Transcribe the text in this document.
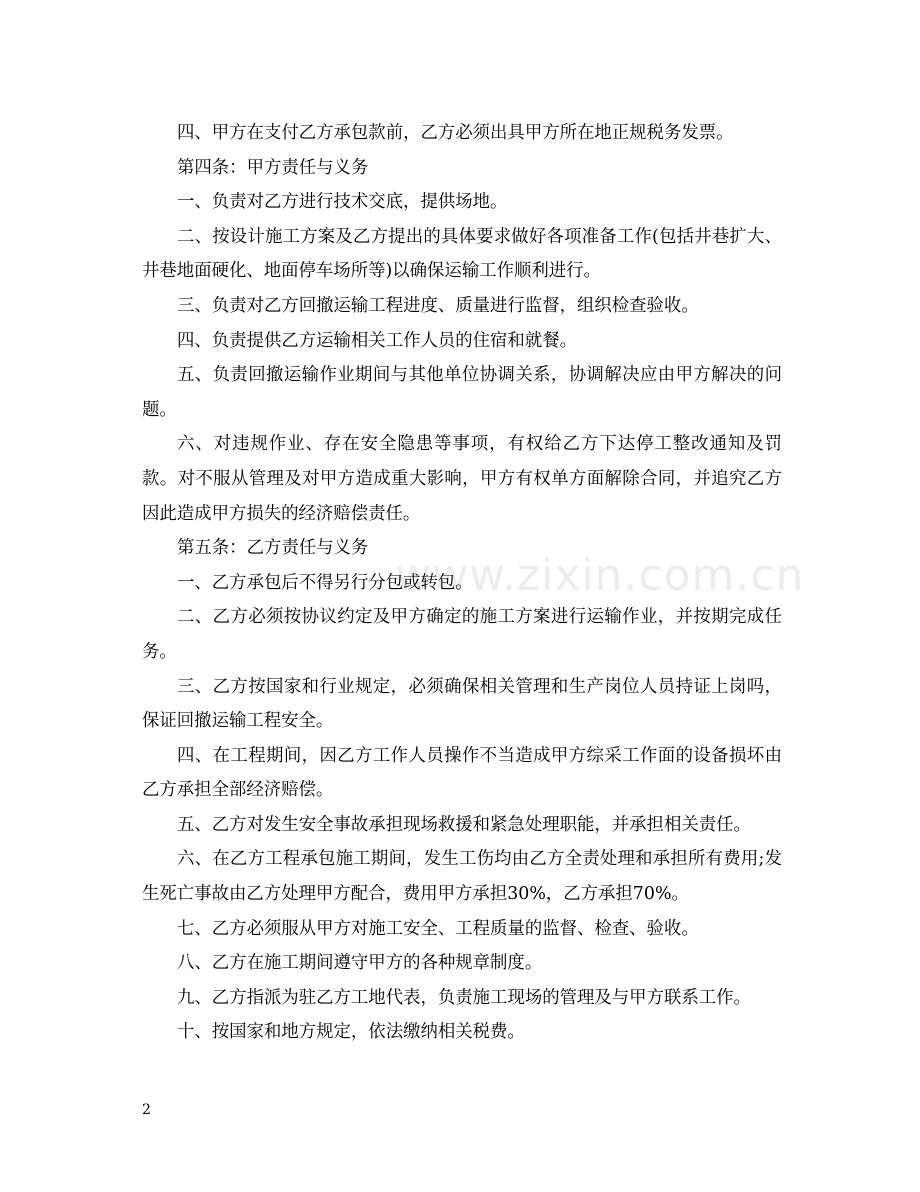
四、甲方在支付乙方承包款前，乙方必须出具甲方所在地正规税务发票。

第四条：甲方责任与义务

一、负责对乙方进行技术交底，提供场地。

二、按设计施工方案及乙方提出的具体要求做好各项准备工作(包括井巷扩大、井巷地面硬化、地面停车场所等)以确保运输工作顺利进行。

三、负责对乙方回撤运输工程进度、质量进行监督，组织检查验收。

四、负责提供乙方运输相关工作人员的住宿和就餐。

五、负责回撤运输作业期间与其他单位协调关系，协调解决应由甲方解决的问题。

六、对违规作业、存在安全隐患等事项，有权给乙方下达停工整改通知及罚款。对不服从管理及对甲方造成重大影响，甲方有权单方面解除合同，并追究乙方因此造成甲方损失的经济赔偿责任。

第五条：乙方责任与义务

一、乙方承包后不得另行分包或转包。

二、乙方必须按协议约定及甲方确定的施工方案进行运输作业，并按期完成任务。

三、乙方按国家和行业规定，必须确保相关管理和生产岗位人员持证上岗吗，保证回撤运输工程安全。

四、在工程期间，因乙方工作人员操作不当造成甲方综采工作面的设备损坏由乙方承担全部经济赔偿。

五、乙方对发生安全事故承担现场救援和紧急处理职能，并承担相关责任。

六、在乙方工程承包施工期间，发生工伤均由乙方全责处理和承担所有费用;发生死亡事故由乙方处理甲方配合，费用甲方承担30%，乙方承担70%。

七、乙方必须服从甲方对施工安全、工程质量的监督、检查、验收。

八、乙方在施工期间遵守甲方的各种规章制度。

九、乙方指派为驻乙方工地代表，负责施工现场的管理及与甲方联系工作。

十、按国家和地方规定，依法缴纳相关税费。

www.zixin.com.cn
2
